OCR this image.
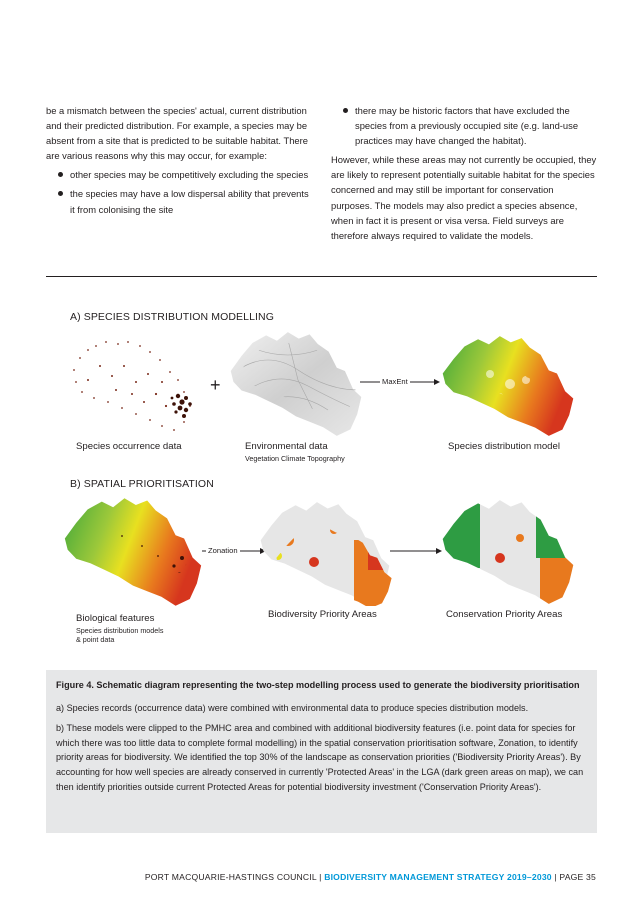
be a mismatch between the species' actual, current distribution and their predicted distribution. For example, a species may be absent from a site that is predicted to be suitable habitat. There are various reasons why this may occur, for example:

other species may be competitively excluding the species
the species may have a low dispersal ability that prevents it from colonising the site
there may be historic factors that have excluded the species from a previously occupied site (e.g. land-use practices may have changed the habitat).

However, while these areas may not currently be occupied, they are likely to represent potentially suitable habitat for the species concerned and may still be important for conservation purposes. The models may also predict a species absence, when in fact it is present or visa versa. Field surveys are therefore always required to validate the models.

A) SPECIES DISTRIBUTION MODELLING
+	MaxEnt
Species occurrence data	Environmental data
Vegetation Climate Topography
Species distribution model
B) SPATIAL PRIORITISATION
Zonation
Biological features
Species distribution models
& point data
Biodiversity Priority Areas	Conservation Priority Areas
Figure 4. Schematic diagram representing the two-step modelling process used to generate the biodiversity prioritisation

a) Species records (occurrence data) were combined with environmental data to produce species distribution models.

b) These models were clipped to the PMHC area and combined with additional biodiversity features (i.e. point data for species for which there was too little data to complete formal modelling) in the spatial conservation prioritisation software, Zonation, to identify priority areas for biodiversity. We identified the top 30% of the landscape as conservation priorities ('Biodiversity Priority Areas'). By accounting for how well species are already conserved in currently 'Protected Areas' in the LGA (dark green areas on map), we can then identify priorities outside current Protected Areas for potential biodiversity investment ('Conservation Priority Areas').

PORT MACQUARIE-HASTINGS COUNCIL | BIODIVERSITY MANAGEMENT STRATEGY 2019–2030 | PAGE 35
